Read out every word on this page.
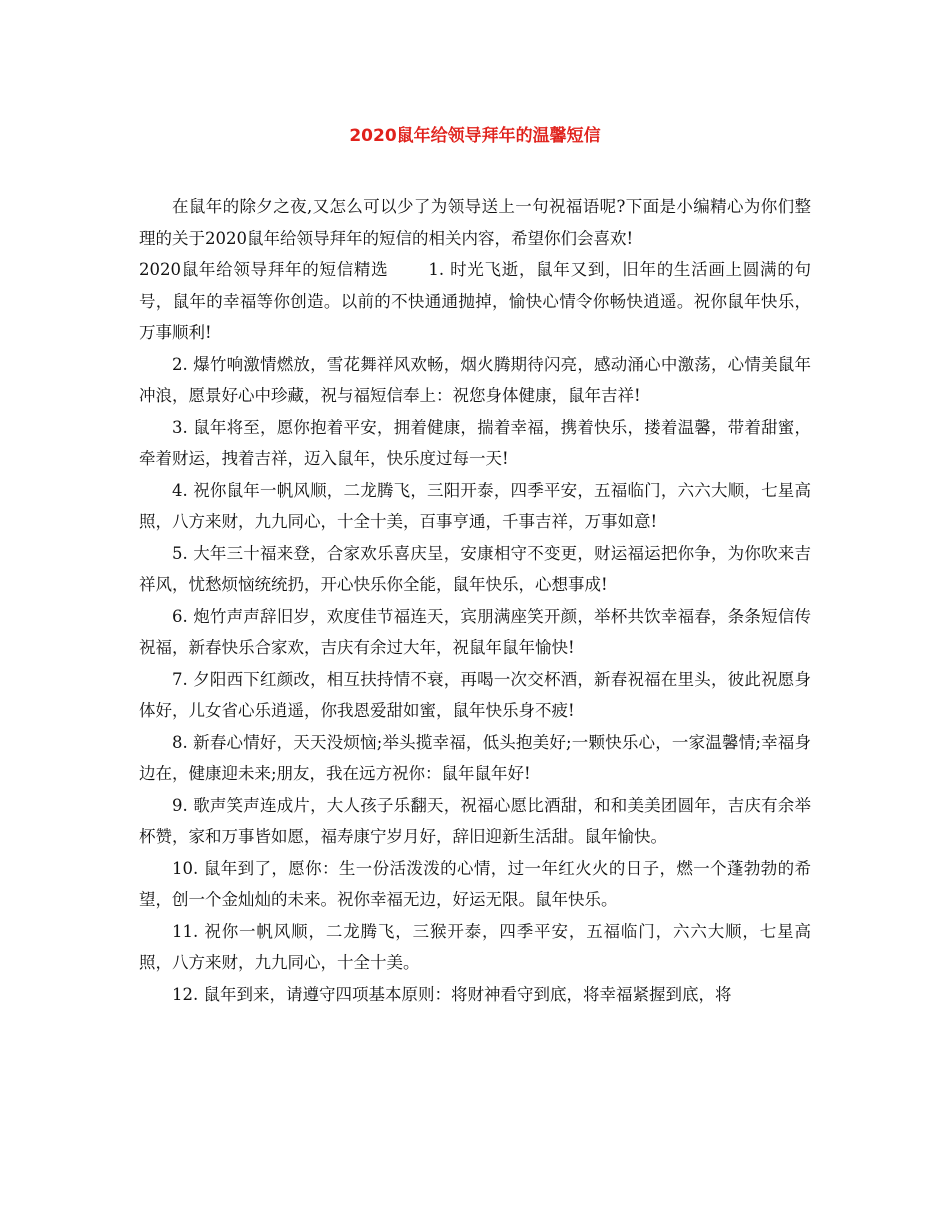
2020鼠年给领导拜年的温馨短信

在鼠年的除夕之夜,又怎么可以少了为领导送上一句祝福语呢?下面是小编精心为你们整理的关于2020鼠年给领导拜年的短信的相关内容，希望你们会喜欢!

2020鼠年给领导拜年的短信精选 1. 时光飞逝，鼠年又到，旧年的生活画上圆满的句号，鼠年的幸福等你创造。以前的不快通通抛掉，愉快心情令你畅快逍遥。祝你鼠年快乐，万事顺利!

2. 爆竹响激情燃放，雪花舞祥风欢畅，烟火腾期待闪亮，感动涌心中激荡，心情美鼠年冲浪，愿景好心中珍藏，祝与福短信奉上：祝您身体健康，鼠年吉祥!

3. 鼠年将至，愿你抱着平安，拥着健康，揣着幸福，携着快乐，搂着温馨，带着甜蜜，牵着财运，拽着吉祥，迈入鼠年，快乐度过每一天!

4. 祝你鼠年一帆风顺，二龙腾飞，三阳开泰，四季平安，五福临门，六六大顺，七星高照，八方来财，九九同心，十全十美，百事亨通，千事吉祥，万事如意!

5. 大年三十福来登，合家欢乐喜庆呈，安康相守不变更，财运福运把你争，为你吹来吉祥风，忧愁烦恼统统扔，开心快乐你全能，鼠年快乐，心想事成!

6. 炮竹声声辞旧岁，欢度佳节福连天，宾朋满座笑开颜，举杯共饮幸福春，条条短信传祝福，新春快乐合家欢，吉庆有余过大年，祝鼠年鼠年愉快!

7. 夕阳西下红颜改，相互扶持情不衰，再喝一次交杯酒，新春祝福在里头，彼此祝愿身体好，儿女省心乐逍遥，你我恩爱甜如蜜，鼠年快乐身不疲!

8. 新春心情好，天天没烦恼;举头揽幸福，低头抱美好;一颗快乐心，一家温馨情;幸福身边在，健康迎未来;朋友，我在远方祝你：鼠年鼠年好!

9. 歌声笑声连成片，大人孩子乐翻天，祝福心愿比酒甜，和和美美团圆年，吉庆有余举杯赞，家和万事皆如愿，福寿康宁岁月好，辞旧迎新生活甜。鼠年愉快。

10. 鼠年到了，愿你：生一份活泼泼的心情，过一年红火火的日子，燃一个蓬勃勃的希望，创一个金灿灿的未来。祝你幸福无边，好运无限。鼠年快乐。

11. 祝你一帆风顺，二龙腾飞，三猴开泰，四季平安，五福临门，六六大顺，七星高照，八方来财，九九同心，十全十美。

12. 鼠年到来，请遵守四项基本原则：将财神看守到底，将幸福紧握到底，将
